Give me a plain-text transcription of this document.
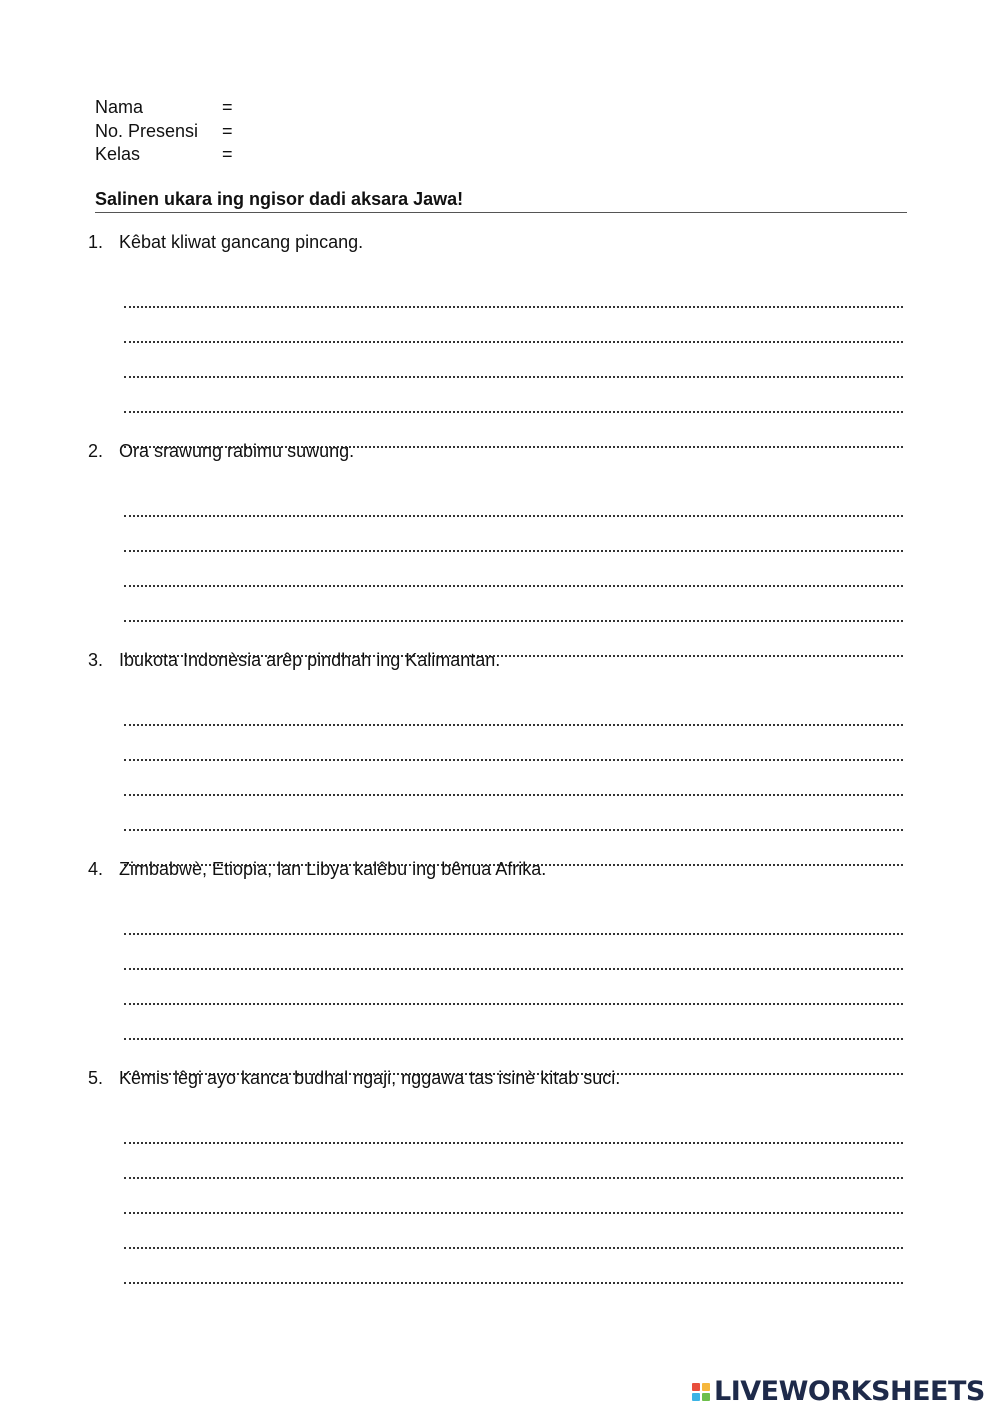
Nama	=
No. Presensi	=
Kelas	=
Salinen ukara ing ngisor dadi aksara Jawa!
1. Kêbat kliwat gancang pincang.
2. Ora srawung rabimu suwung.
3. Ibukota Indonèsia arêp pindhah ing Kalimantan.
4. Zimbabwè, Etiopia, lan Libya kalêbu ing bênua Afrika.
5. Kêmis lêgi ayo kanca budhal ngaji, nggawa tas isinè kitab suci.
LIVEWORKSHEETS
